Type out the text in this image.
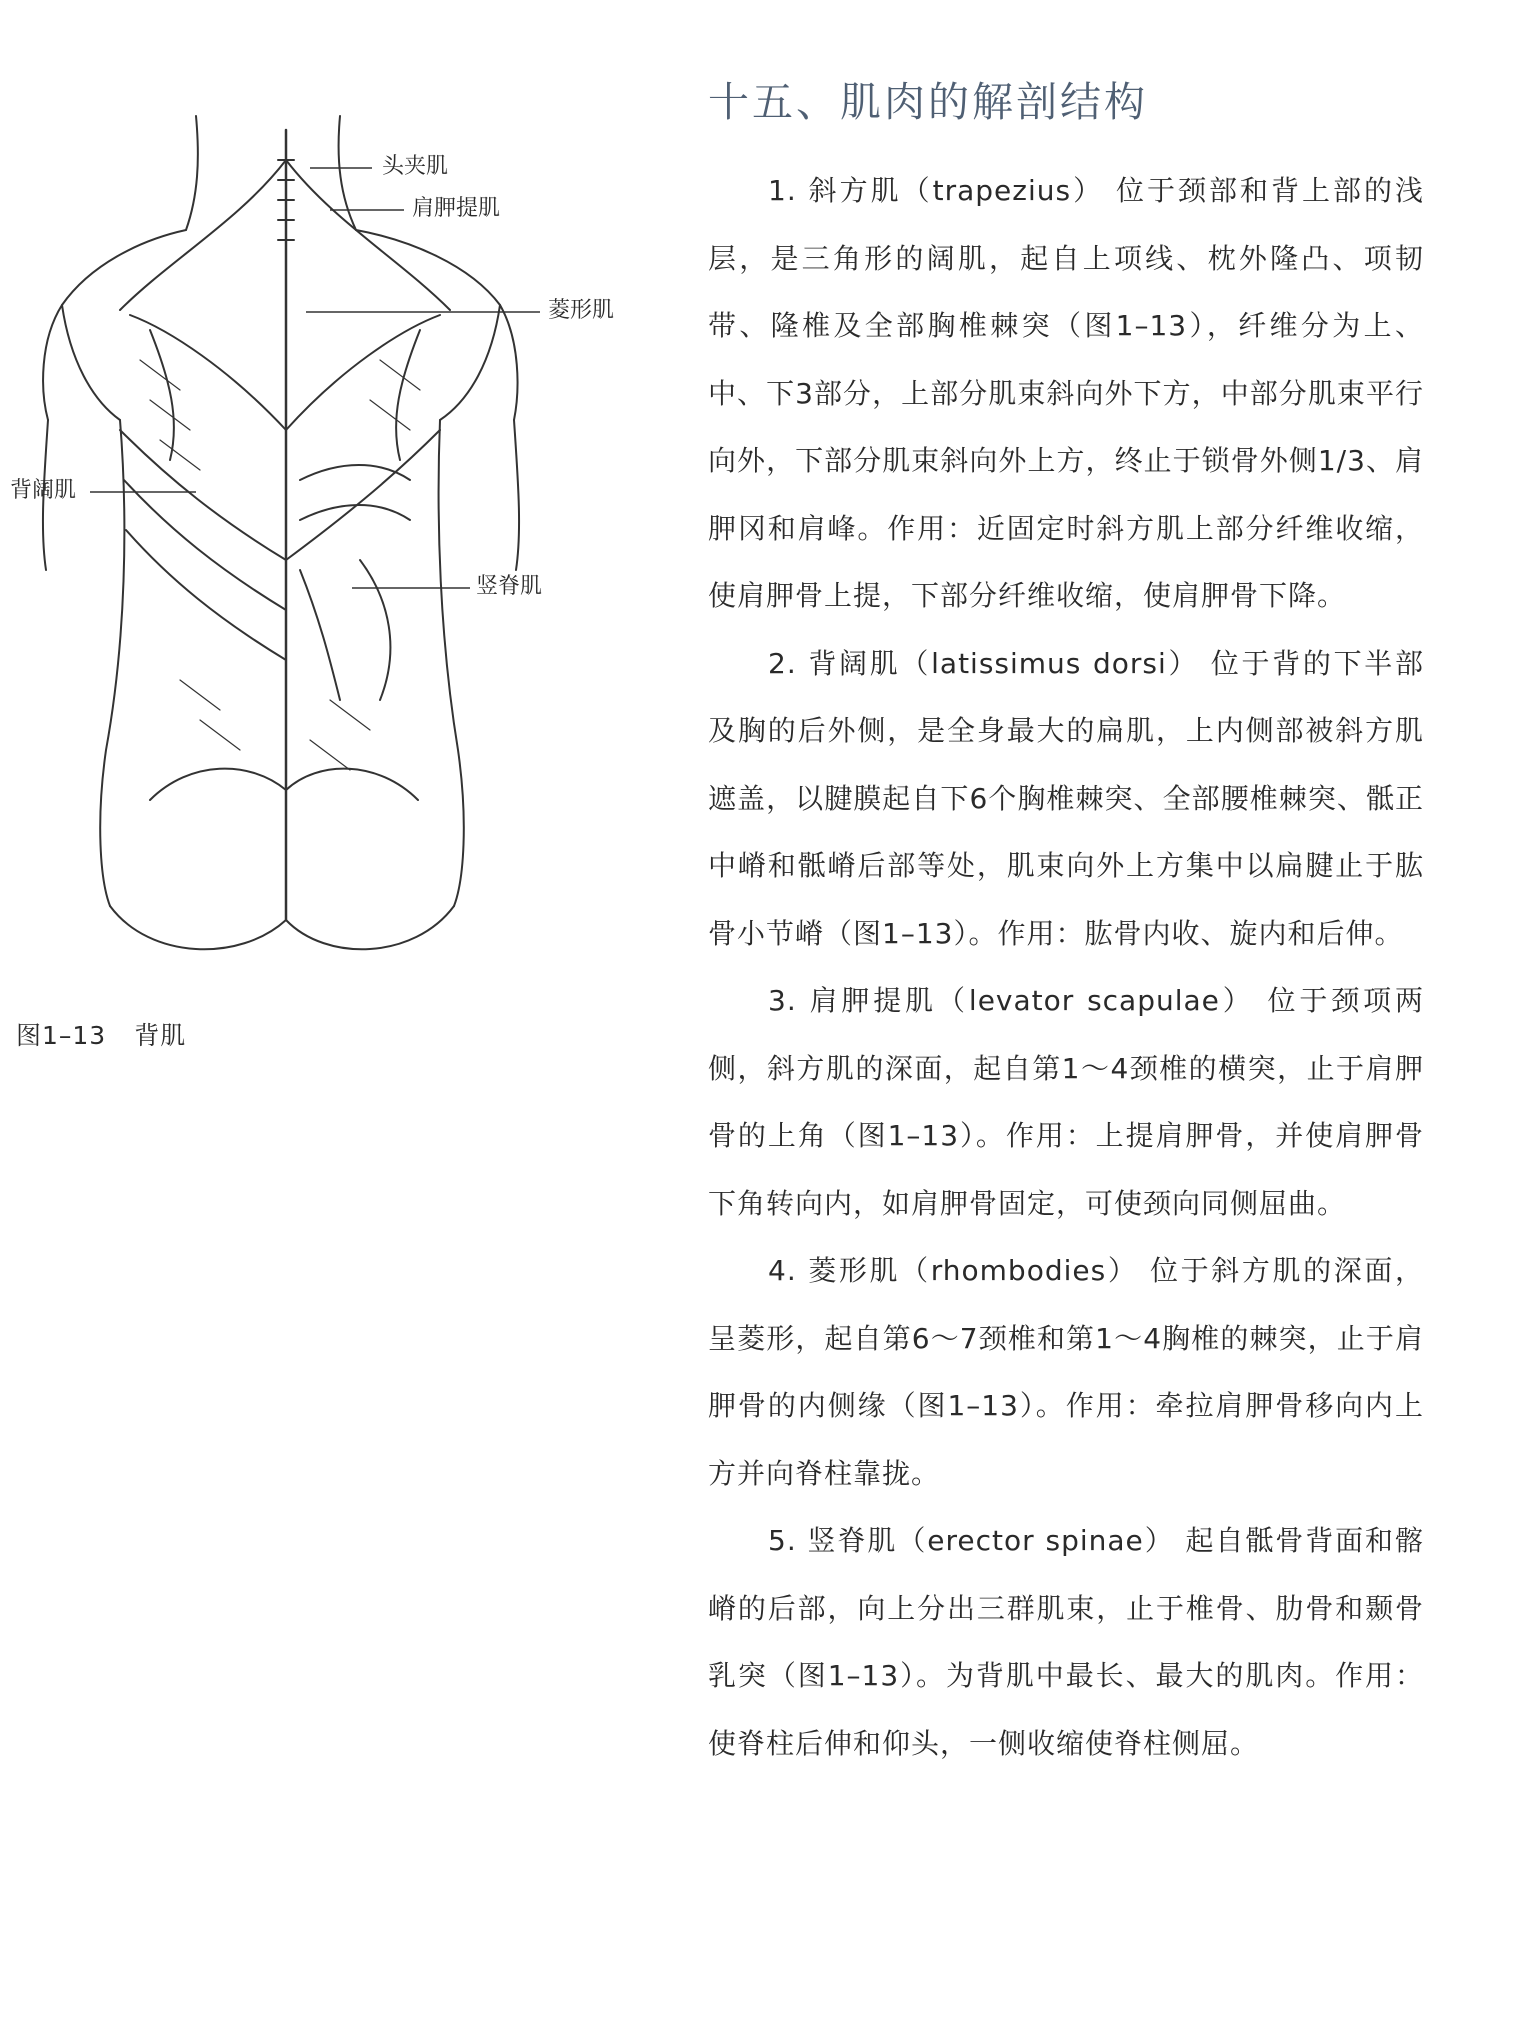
头夹肌
肩胛提肌
菱形肌
背阔肌
竖脊肌
图1–13 背肌
十五、肌肉的解剖结构

1. 斜方肌（trapezius） 位于颈部和背上部的浅层，是三角形的阔肌，起自上项线、枕外隆凸、项韧带、隆椎及全部胸椎棘突（图1–13），纤维分为上、中、下3部分，上部分肌束斜向外下方，中部分肌束平行向外，下部分肌束斜向外上方，终止于锁骨外侧1/3、肩胛冈和肩峰。作用：近固定时斜方肌上部分纤维收缩，使肩胛骨上提，下部分纤维收缩，使肩胛骨下降。

2. 背阔肌（latissimus dorsi） 位于背的下半部及胸的后外侧，是全身最大的扁肌，上内侧部被斜方肌遮盖，以腱膜起自下6个胸椎棘突、全部腰椎棘突、骶正中嵴和骶嵴后部等处，肌束向外上方集中以扁腱止于肱骨小节嵴（图1–13）。作用：肱骨内收、旋内和后伸。

3. 肩胛提肌（levator scapulae） 位于颈项两侧，斜方肌的深面，起自第1～4颈椎的横突，止于肩胛骨的上角（图1–13）。作用：上提肩胛骨，并使肩胛骨下角转向内，如肩胛骨固定，可使颈向同侧屈曲。

4. 菱形肌（rhombodies） 位于斜方肌的深面，呈菱形，起自第6～7颈椎和第1～4胸椎的棘突，止于肩胛骨的内侧缘（图1–13）。作用：牵拉肩胛骨移向内上方并向脊柱靠拢。

5. 竖脊肌（erector spinae） 起自骶骨背面和髂嵴的后部，向上分出三群肌束，止于椎骨、肋骨和颞骨乳突（图1–13）。为背肌中最长、最大的肌肉。作用：使脊柱后伸和仰头，一侧收缩使脊柱侧屈。
